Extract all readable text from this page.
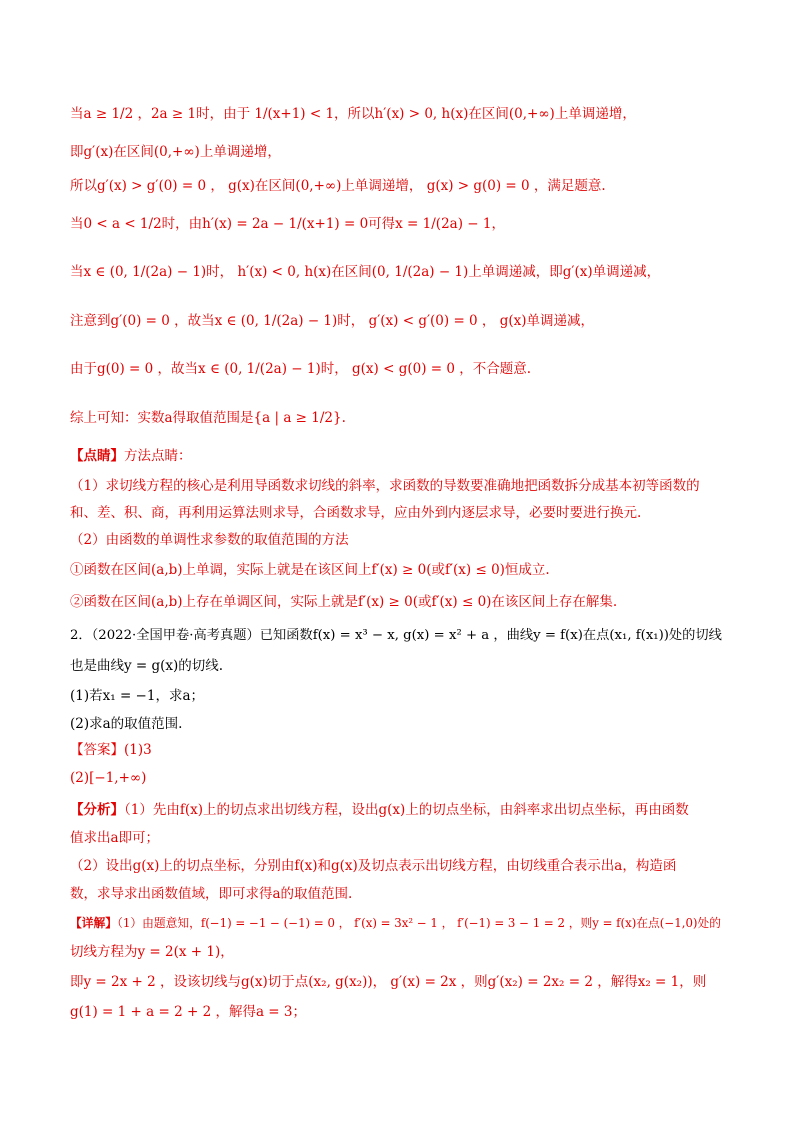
当a ≥ 1/2 ，2a ≥ 1时，由于 1/(x+1) < 1，所以h′(x) > 0, h(x)在区间(0,+∞)上单调递增，
即g′(x)在区间(0,+∞)上单调递增，
所以g′(x) > g′(0) = 0 ， g(x)在区间(0,+∞)上单调递增， g(x) > g(0) = 0 ，满足题意.
当0 < a < 1/2时，由h′(x) = 2a − 1/(x+1) = 0可得x = 1/(2a) − 1，
当x ∈ (0, 1/(2a) − 1)时， h′(x) < 0, h(x)在区间(0, 1/(2a) − 1)上单调递减，即g′(x)单调递减，
注意到g′(0) = 0 ，故当x ∈ (0, 1/(2a) − 1)时， g′(x) < g′(0) = 0 ， g(x)单调递减，
由于g(0) = 0 ，故当x ∈ (0, 1/(2a) − 1)时， g(x) < g(0) = 0 ，不合题意.
综上可知：实数a得取值范围是{a | a ≥ 1/2}.
【点睛】方法点睛：
（1）求切线方程的核心是利用导函数求切线的斜率，求函数的导数要准确地把函数拆分成基本初等函数的
和、差、积、商，再利用运算法则求导，合函数求导，应由外到内逐层求导，必要时要进行换元.
（2）由函数的单调性求参数的取值范围的方法
①函数在区间(a,b)上单调，实际上就是在该区间上f′(x) ≥ 0(或f′(x) ≤ 0)恒成立.
②函数在区间(a,b)上存在单调区间，实际上就是f′(x) ≥ 0(或f′(x) ≤ 0)在该区间上存在解集.
2．（2022·全国甲卷·高考真题）已知函数f(x) = x³ − x, g(x) = x² + a ，曲线y = f(x)在点(x₁, f(x₁))处的切线
也是曲线y = g(x)的切线.
(1)若x₁ = −1，求a；
(2)求a的取值范围.
【答案】(1)3
(2)[−1,+∞)
【分析】（1）先由f(x)上的切点求出切线方程，设出g(x)上的切点坐标，由斜率求出切点坐标，再由函数
值求出a即可；
（2）设出g(x)上的切点坐标，分别由f(x)和g(x)及切点表示出切线方程，由切线重合表示出a，构造函
数，求导求出函数值域，即可求得a的取值范围.
【详解】（1）由题意知，f(−1) = −1 − (−1) = 0 ， f′(x) = 3x² − 1 ， f′(−1) = 3 − 1 = 2 ，则y = f(x)在点(−1,0)处的
切线方程为y = 2(x + 1)，
即y = 2x + 2 ，设该切线与g(x)切于点(x₂, g(x₂))， g′(x) = 2x ，则g′(x₂) = 2x₂ = 2 ，解得x₂ = 1，则
g(1) = 1 + a = 2 + 2 ，解得a = 3；
